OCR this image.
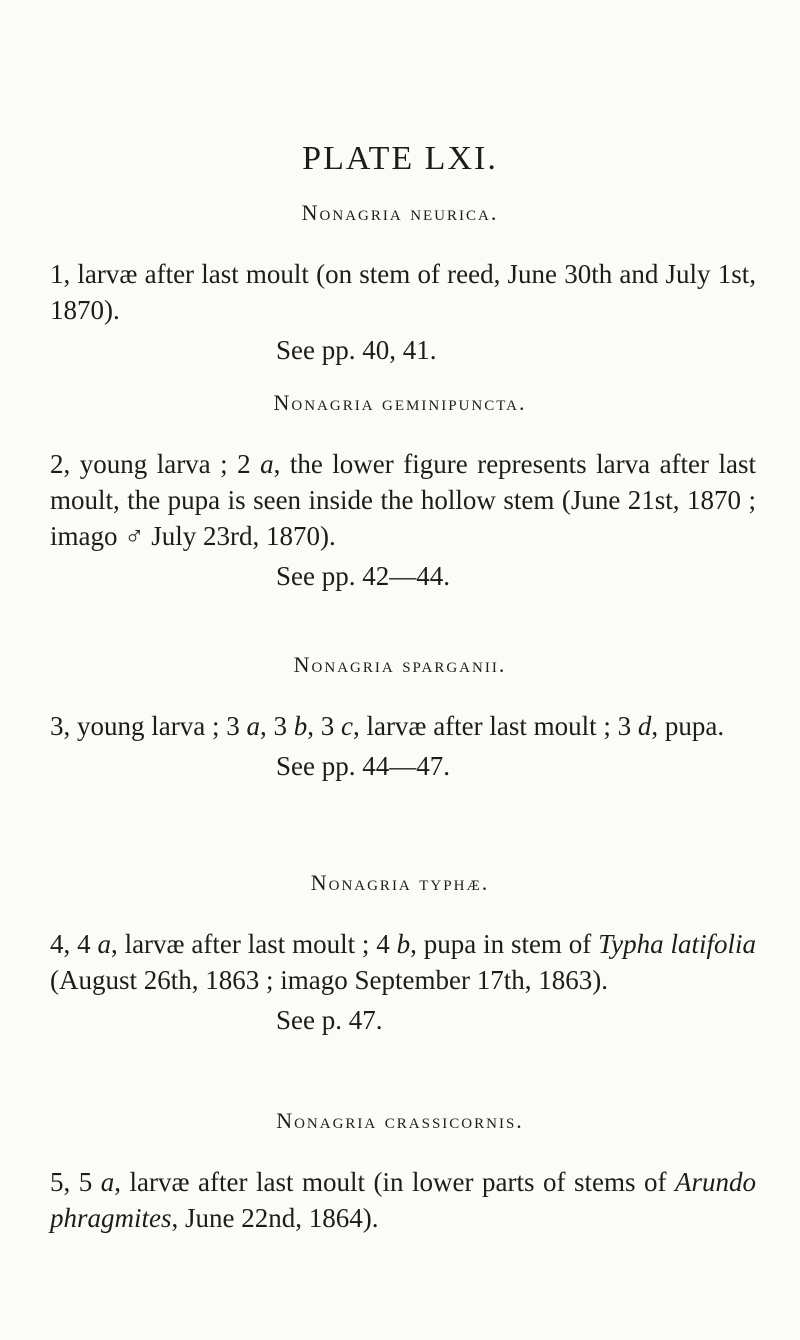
PLATE LXI.

Nonagria neurica.

1, larvæ after last moult (on stem of reed, June 30th and July 1st, 1870).

See pp. 40, 41.

Nonagria geminipuncta.

2, young larva ; 2 a, the lower figure represents larva after last moult, the pupa is seen inside the hollow stem (June 21st, 1870 ; imago ♂ July 23rd, 1870).

See pp. 42—44.

Nonagria sparganii.

3, young larva ; 3 a, 3 b, 3 c, larvæ after last moult ; 3 d, pupa.

See pp. 44—47.

Nonagria typhæ.

4, 4 a, larvæ after last moult ; 4 b, pupa in stem of Typha latifolia (August 26th, 1863 ; imago September 17th, 1863).

See p. 47.

Nonagria crassicornis.

5, 5 a, larvæ after last moult (in lower parts of stems of Arundo phragmites, June 22nd, 1864).
